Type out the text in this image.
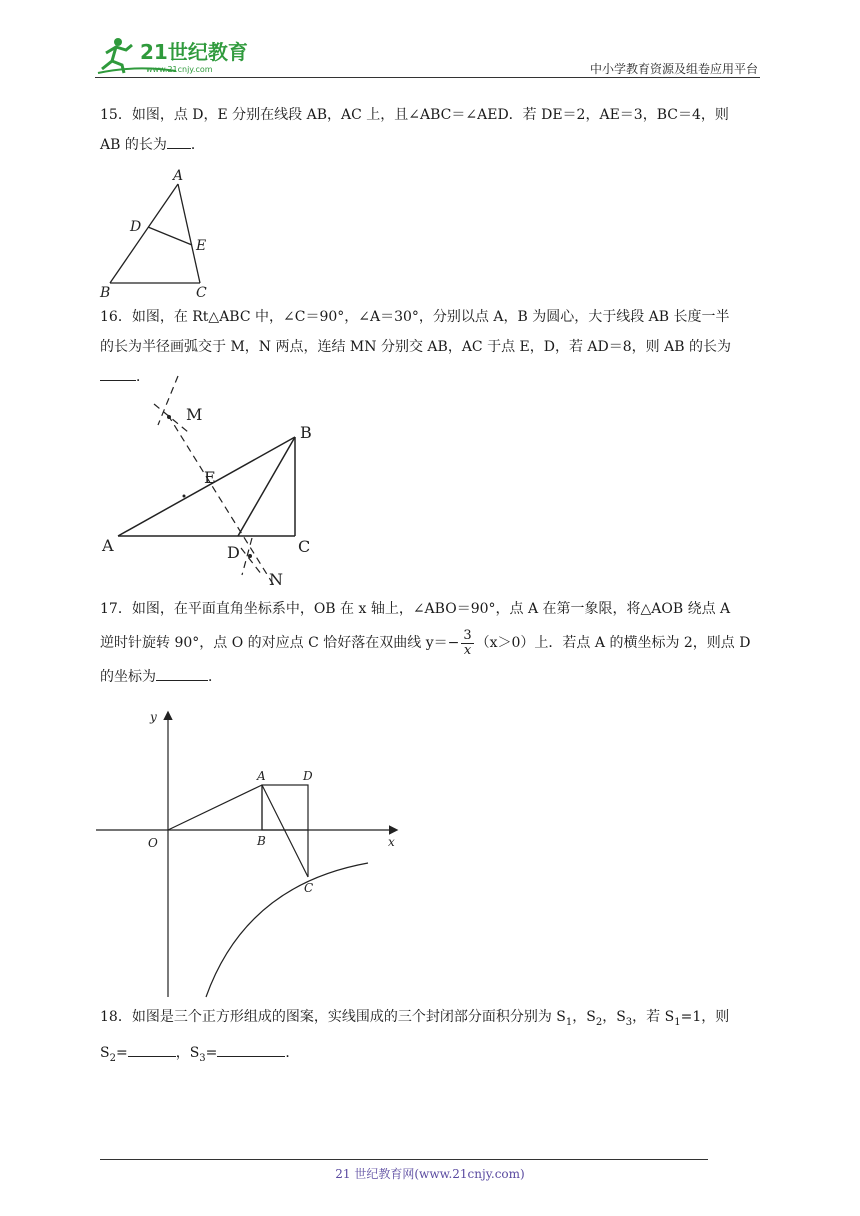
21世纪教育
www.21cnjy.com	中小学教育资源及组卷应用平台
15．如图，点 D，E 分别在线段 AB，AC 上，且∠ABC＝∠AED．若 DE＝2，AE＝3，BC＝4，则
AB 的长为 ．
A
D
E
B	C
16．如图，在 Rt△ABC 中，∠C＝90°，∠A＝30°，分别以点 A，B 为圆心，大于线段 AB 长度一半
的长为半径画弧交于 M，N 两点，连结 MN 分别交 AB，AC 于点 E，D，若 AD＝8，则 AB 的长为 ．
M
B
E
A	D	C
N
17．如图，在平面直角坐标系中，OB 在 x 轴上，∠ABO＝90°，点 A 在第一象限，将△AOB 绕点 A
逆时针旋转 90°，点 O 的对应点 C 恰好落在双曲线 $y=- \frac{3}{x} (x>0)$上．若点 A 的横坐标为 2，则点 D
的坐标为	．
y
x
O
A
B
D
C
18．如图是三个正方形组成的图案，实线围成的三个封闭部分面积分别为 $S_1$，$S_2$，$S_3$，若 $S_1=1$，则
$S_2=$	，$S_3=$	．
21 世纪教育网(www.21cnjy.com)
